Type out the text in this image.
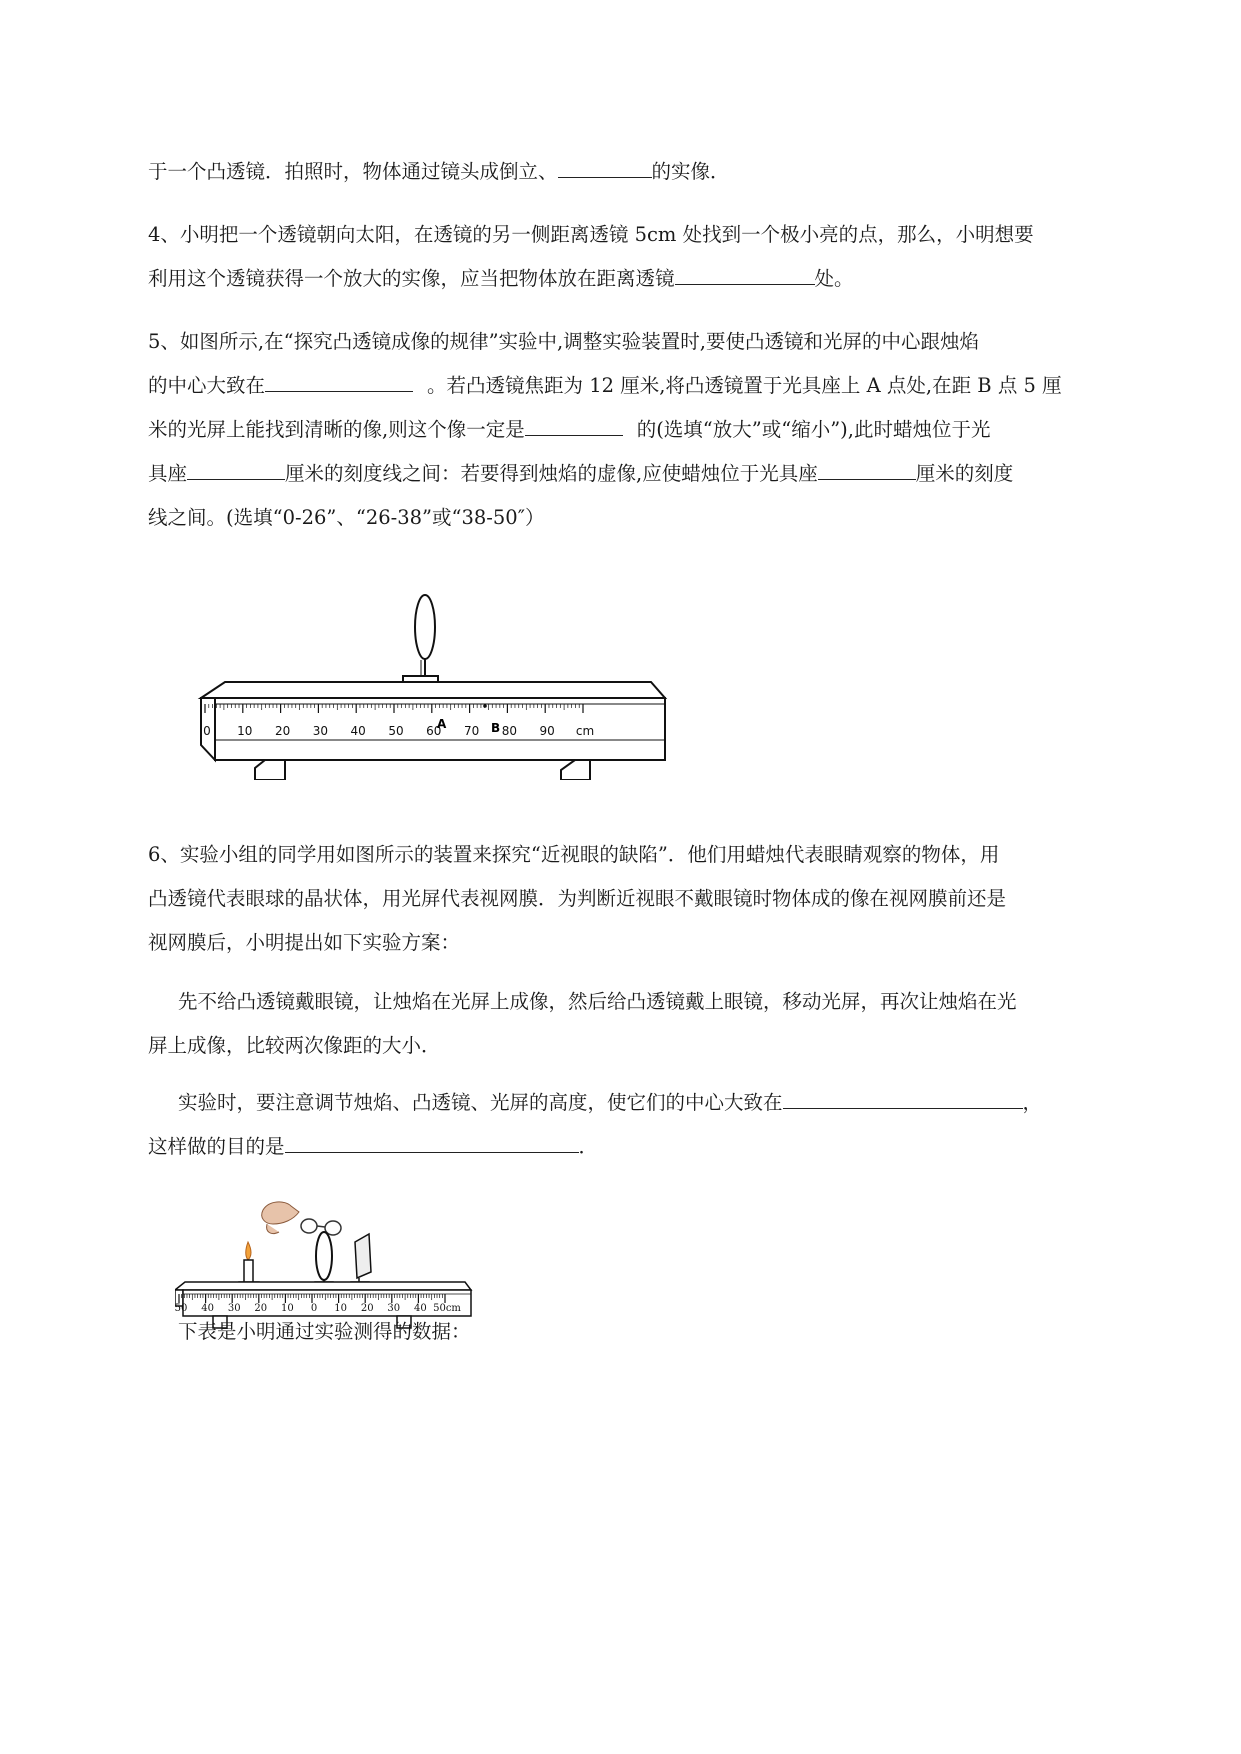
于一个凸透镜．拍照时，物体通过镜头成倒立、	的实像．
4、小明把一个透镜朝向太阳，在透镜的另一侧距离透镜 5cm 处找到一个极小亮的点，那么，小明想要
利用这个透镜获得一个放大的实像，应当把物体放在距离透镜	处。
5、如图所示,在“探究凸透镜成像的规律”实验中,调整实验装置时,要使凸透镜和光屏的中心跟烛焰
的中心大致在	。若凸透镜焦距为 12 厘米,将凸透镜置于光具座上 A 点处,在距 B 点 5 厘
米的光屏上能找到清晰的像,则这个像一定是	的(选填“放大”或“缩小”),此时蜡烛位于光
具座	厘米的刻度线之间：若要得到烛焰的虚像,应使蜡烛位于光具座	厘米的刻度
线之间。(选填“0-26”、“26-38”或“38-50″）
0 10 20 30 40 50 60 70 80 90 cm
A	B
6、实验小组的同学用如图所示的装置来探究“近视眼的缺陷”．他们用蜡烛代表眼睛观察的物体，用
凸透镜代表眼球的晶状体，用光屏代表视网膜．为判断近视眼不戴眼镜时物体成的像在视网膜前还是
视网膜后，小明提出如下实验方案：
先不给凸透镜戴眼镜，让烛焰在光屏上成像，然后给凸透镜戴上眼镜，移动光屏，再次让烛焰在光
屏上成像，比较两次像距的大小．
实验时，要注意调节烛焰、凸透镜、光屏的高度，使它们的中心大致在	，
这样做的目的是	．
50 40 30 20 10 0 10 20 30 40 50cm
下表是小明通过实验测得的数据：
